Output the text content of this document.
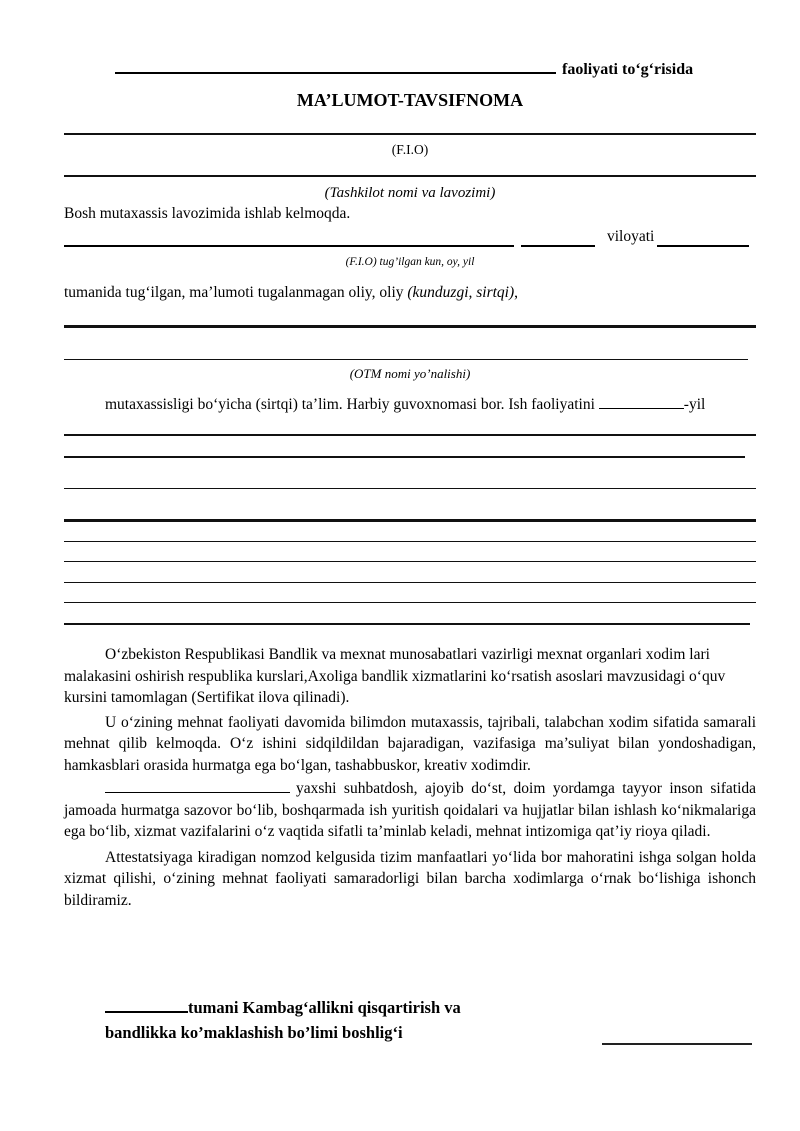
faoliyati to‘g‘risida
MA’LUMOT-TAVSIFNOMA
(F.I.O)
(Tashkilot nomi va lavozimi)
Bosh mutaxassis lavozimida ishlab kelmoqda.
viloyati
(F.I.O) tug’ilgan kun, oy, yil
tumanida tug‘ilgan, ma’lumoti tugalanmagan oliy, oliy (kunduzgi, sirtqi),
(OTM nomi yo’nalishi)
mutaxassisligi bo‘yicha (sirtqi) ta’lim. Harbiy guvoxnomasi bor. Ish faoliyatini	-yil

O‘zbekiston Respublikasi Bandlik va mexnat munosabatlari vazirligi mexnat organlari xodim lari malakasini oshirish respublika kurslari,Axoliga bandlik xizmatlarini ko‘rsatish asoslari mavzusidagi o‘quv kursini tamomlagan (Sertifikat ilova qilinadi).

U o‘zining mehnat faoliyati davomida bilimdon mutaxassis, tajribali, talabchan xodim sifatida samarali mehnat qilib kelmoqda. O‘z ishini sidqildildan bajaradigan, vazifasiga ma’suliyat bilan yondoshadigan, hamkasblari orasida hurmatga ega bo‘lgan, tashabbuskor, kreativ xodimdir.

yaxshi suhbatdosh, ajoyib do‘st, doim yordamga tayyor inson sifatida jamoada hurmatga sazovor bo‘lib, boshqarmada ish yuritish qoidalari va hujjatlar bilan ishlash ko‘nikmalariga ega bo‘lib, xizmat vazifalarini o‘z vaqtida sifatli ta’minlab keladi, mehnat intizomiga qat’iy rioya qiladi.

Attestatsiyaga kiradigan nomzod kelgusida tizim manfaatlari yo‘lida bor mahoratini ishga solgan holda xizmat qilishi, o‘zining mehnat faoliyati samaradorligi bilan barcha xodimlarga o‘rnak bo‘lishiga ishonch bildiramiz.

tumani Kambag‘allikni qisqartirish va
bandlikka ko’maklashish bo’limi boshlig‘i
